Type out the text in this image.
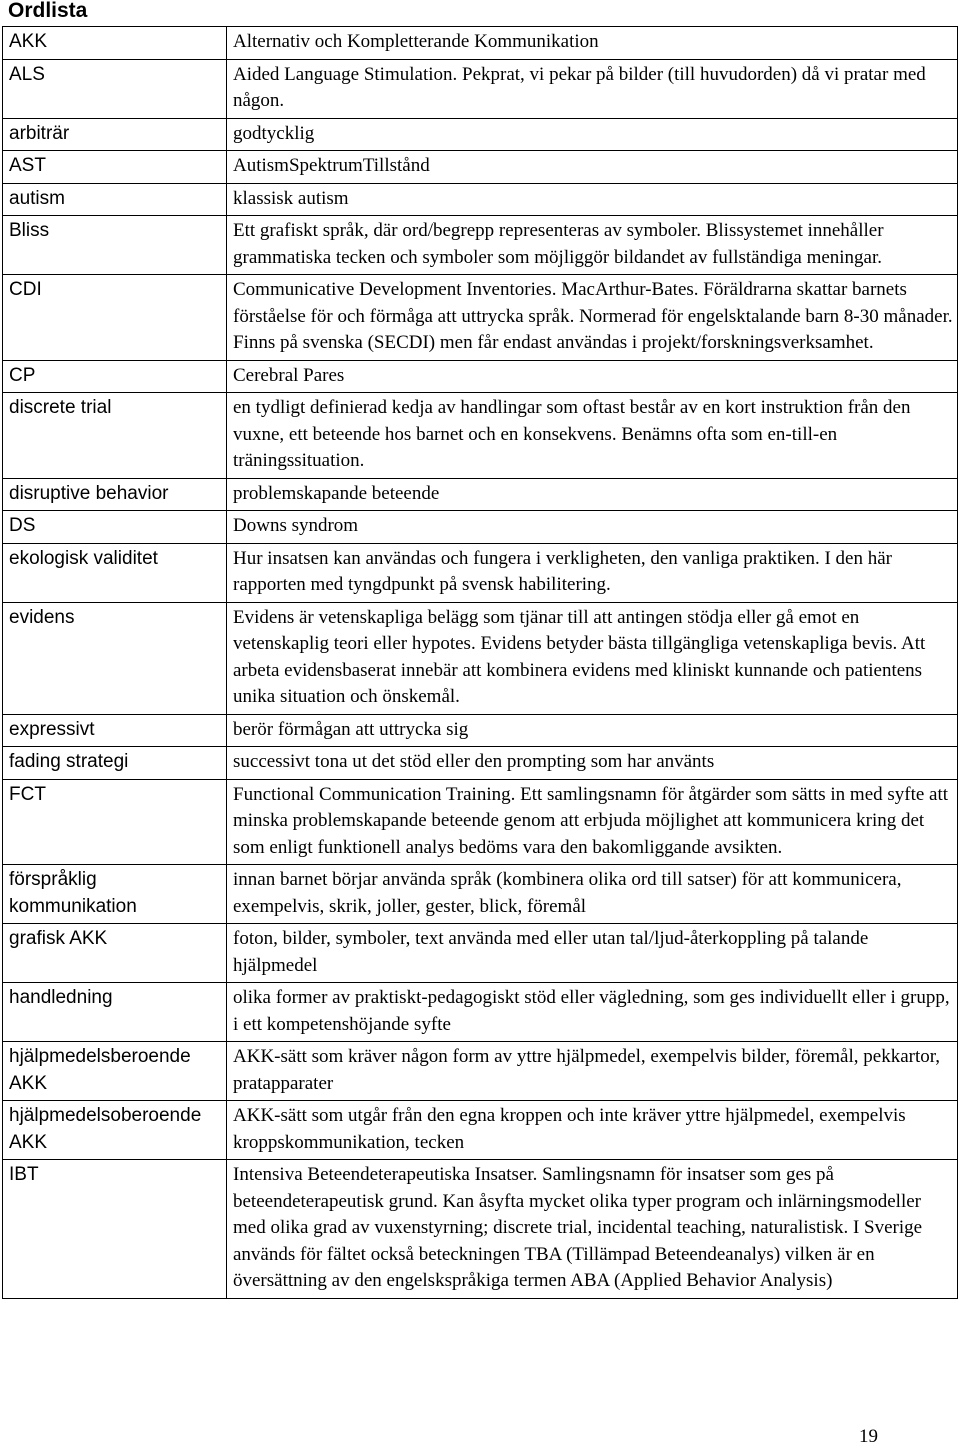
Ordlista
AKK	Alternativ och Kompletterande Kommunikation
ALS	Aided Language Stimulation. Pekprat, vi pekar på bilder (till huvudorden) då vi pratar med någon.
arbiträr	godtycklig
AST	AutismSpektrumTillstånd
autism	klassisk autism
Bliss	Ett grafiskt språk, där ord/begrepp representeras av symboler. Blissystemet innehåller grammatiska tecken och symboler som möjliggör bildandet av fullständiga meningar.
CDI	Communicative Development Inventories. MacArthur-Bates. Föräldrarna skattar barnets förståelse för och förmåga att uttrycka språk. Normerad för engelsktalande barn 8-30 månader. Finns på svenska (SECDI) men får endast användas i projekt/forskningsverksamhet.
CP	Cerebral Pares
discrete trial	en tydligt definierad kedja av handlingar som oftast består av en kort instruktion från den vuxne, ett beteende hos barnet och en konsekvens. Benämns ofta som en-till-en träningssituation.
disruptive behavior	problemskapande beteende
DS	Downs syndrom
ekologisk validitet	Hur insatsen kan användas och fungera i verkligheten, den vanliga praktiken. I den här rapporten med tyngdpunkt på svensk habilitering.
evidens	Evidens är vetenskapliga belägg som tjänar till att antingen stödja eller gå emot en vetenskaplig teori eller hypotes. Evidens betyder bästa tillgängliga vetenskapliga bevis. Att arbeta evidensbaserat innebär att kombinera evidens med kliniskt kunnande och patientens unika situation och önskemål.
expressivt	berör förmågan att uttrycka sig
fading strategi	successivt tona ut det stöd eller den prompting som har använts
FCT	Functional Communication Training. Ett samlingsnamn för åtgärder som sätts in med syfte att minska problemskapande beteende genom att erbjuda möjlighet att kommunicera kring det som enligt funktionell analys bedöms vara den bakomliggande avsikten.
förspråklig kommunikation	innan barnet börjar använda språk (kombinera olika ord till satser) för att kommunicera, exempelvis, skrik, joller, gester, blick, föremål
grafisk AKK	foton, bilder, symboler, text använda med eller utan tal/ljud-återkoppling på talande hjälpmedel
handledning	olika former av praktiskt-pedagogiskt stöd eller vägledning, som ges individuellt eller i grupp, i ett kompetenshöjande syfte
hjälpmedelsberoende AKK	AKK-sätt som kräver någon form av yttre hjälpmedel, exempelvis bilder, föremål, pekkartor, pratapparater
hjälpmedelsoberoende AKK	AKK-sätt som utgår från den egna kroppen och inte kräver yttre hjälpmedel, exempelvis kroppskommunikation, tecken
IBT	Intensiva Beteendeterapeutiska Insatser. Samlingsnamn för insatser som ges på beteendeterapeutisk grund. Kan åsyfta mycket olika typer program och inlärningsmodeller med olika grad av vuxenstyrning; discrete trial, incidental teaching, naturalistisk. I Sverige används för fältet också beteckningen TBA (Tillämpad Beteendeanalys) vilken är en översättning av den engelskspråkiga termen ABA (Applied Behavior Analysis)
19
